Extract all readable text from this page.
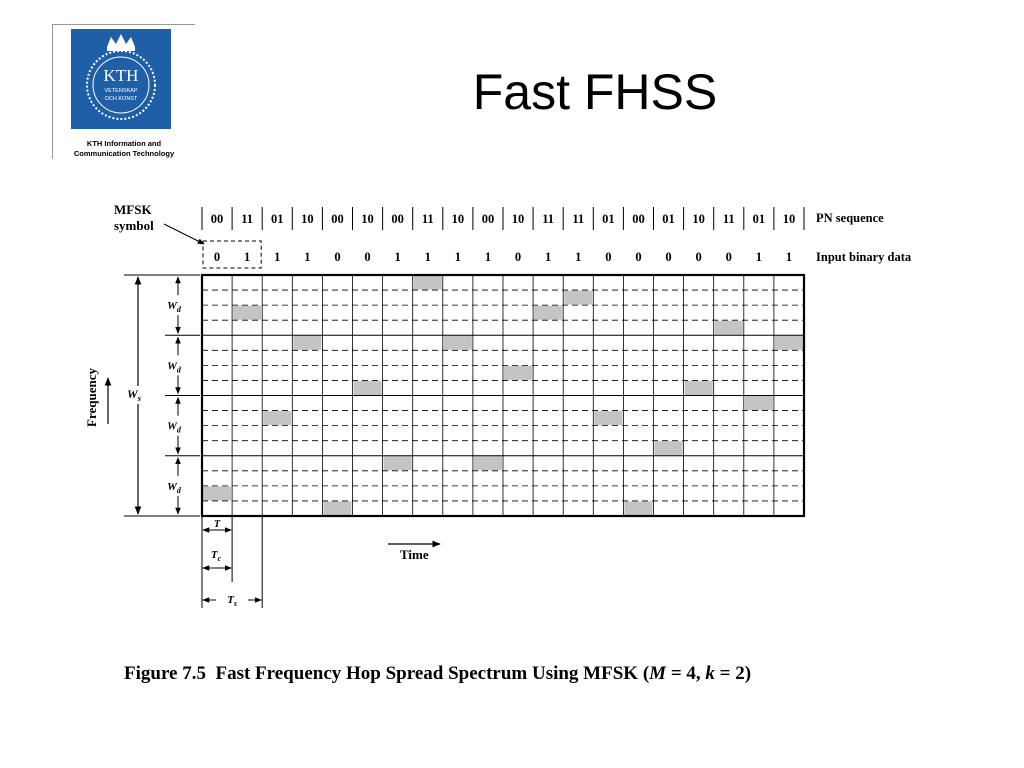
KTH
VETENSKAP
OCH KONST
KTH Information and
Communication Technology
Fast FHSS
00 11 01 10 00 10 00 11 10 00 10 11 11 01 00 01 10 11 01 10 PN sequence
0 1 1 1 0 0 1 1 1 1 0 1 1 0 0 0 0 0 1 1 Input binary data
MFSK
symbol
Frequency $W_s$
$W_d$
$W_d$
$W_d$
$W_d$
T
$T_c$
$T_s$
Time
Figure 7.5  Fast Frequency Hop Spread Spectrum Using MFSK (M = 4, k = 2)
